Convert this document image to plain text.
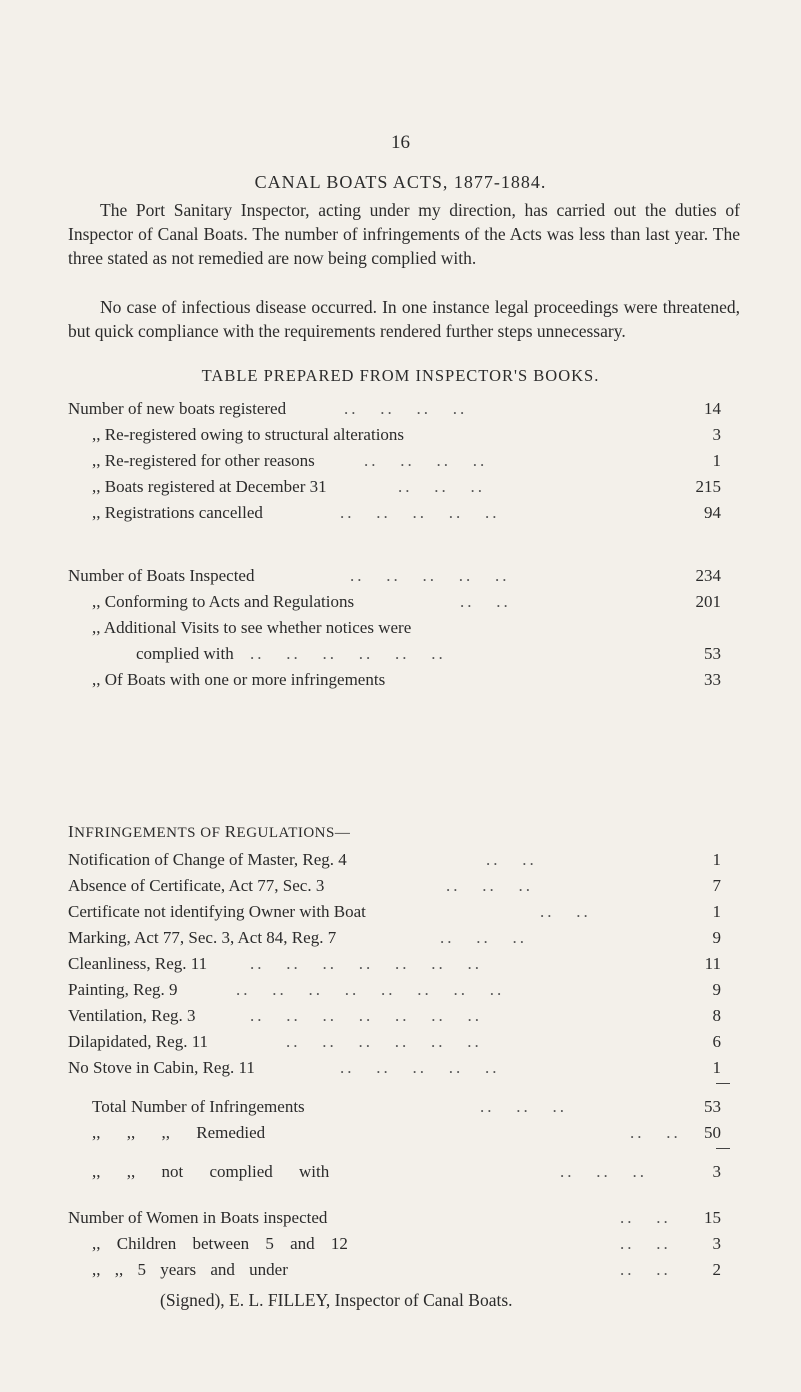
16
CANAL BOATS ACTS, 1877-1884.

The Port Sanitary Inspector, acting under my direction, has carried out the duties of Inspector of Canal Boats. The number of infringements of the Acts was less than last year. The three stated as not remedied are now being complied with.

No case of infectious disease occurred. In one instance legal proceedings were threatened, but quick compliance with the requirements rendered further steps unnecessary.

TABLE PREPARED FROM INSPECTOR'S BOOKS.
Number of new boats registered	..   ..   ..   ..	14
,, Re-registered owing to structural alterations	3
,, Re-registered for other reasons	..   ..   ..   ..	1
,, Boats registered at December 31	..   ..   ..	215
,, Registrations cancelled	..   ..   ..   ..   ..	94
Number of Boats Inspected	..   ..   ..   ..   ..	234
,, Conforming to Acts and Regulations	..   ..	201
,, Additional Visits to see whether notices were
complied with ..   ..   ..   ..   ..   ..	53
,, Of Boats with one or more infringements	33
INFRINGEMENTS OF REGULATIONS—
Notification of Change of Master, Reg. 4	..   ..	1
Absence of Certificate, Act 77, Sec. 3	..   ..   ..	7
Certificate not identifying Owner with Boat	..   ..	1
Marking, Act 77, Sec. 3, Act 84, Reg. 7	..   ..   ..	9
Cleanliness, Reg. 11	..   ..   ..   ..   ..   ..   ..	11
Painting, Reg. 9	..   ..   ..   ..   ..   ..   ..   ..	9
Ventilation, Reg. 3	..   ..   ..   ..   ..   ..   ..	8
Dilapidated, Reg. 11	..   ..   ..   ..   ..   ..	6
No Stove in Cabin, Reg. 11	..   ..   ..   ..   ..	1
Total Number of Infringements	..   ..   ..	53
,, ,, ,, Remedied	..   ..	50
,, ,, not complied with	..   ..   ..	3
Number of Women in Boats inspected	..   ..	15
,, Children between 5 and 12	..   ..	3
,, ,, 5 years and under	..   ..	2
(Signed), E. L. FILLEY, Inspector of Canal Boats.
